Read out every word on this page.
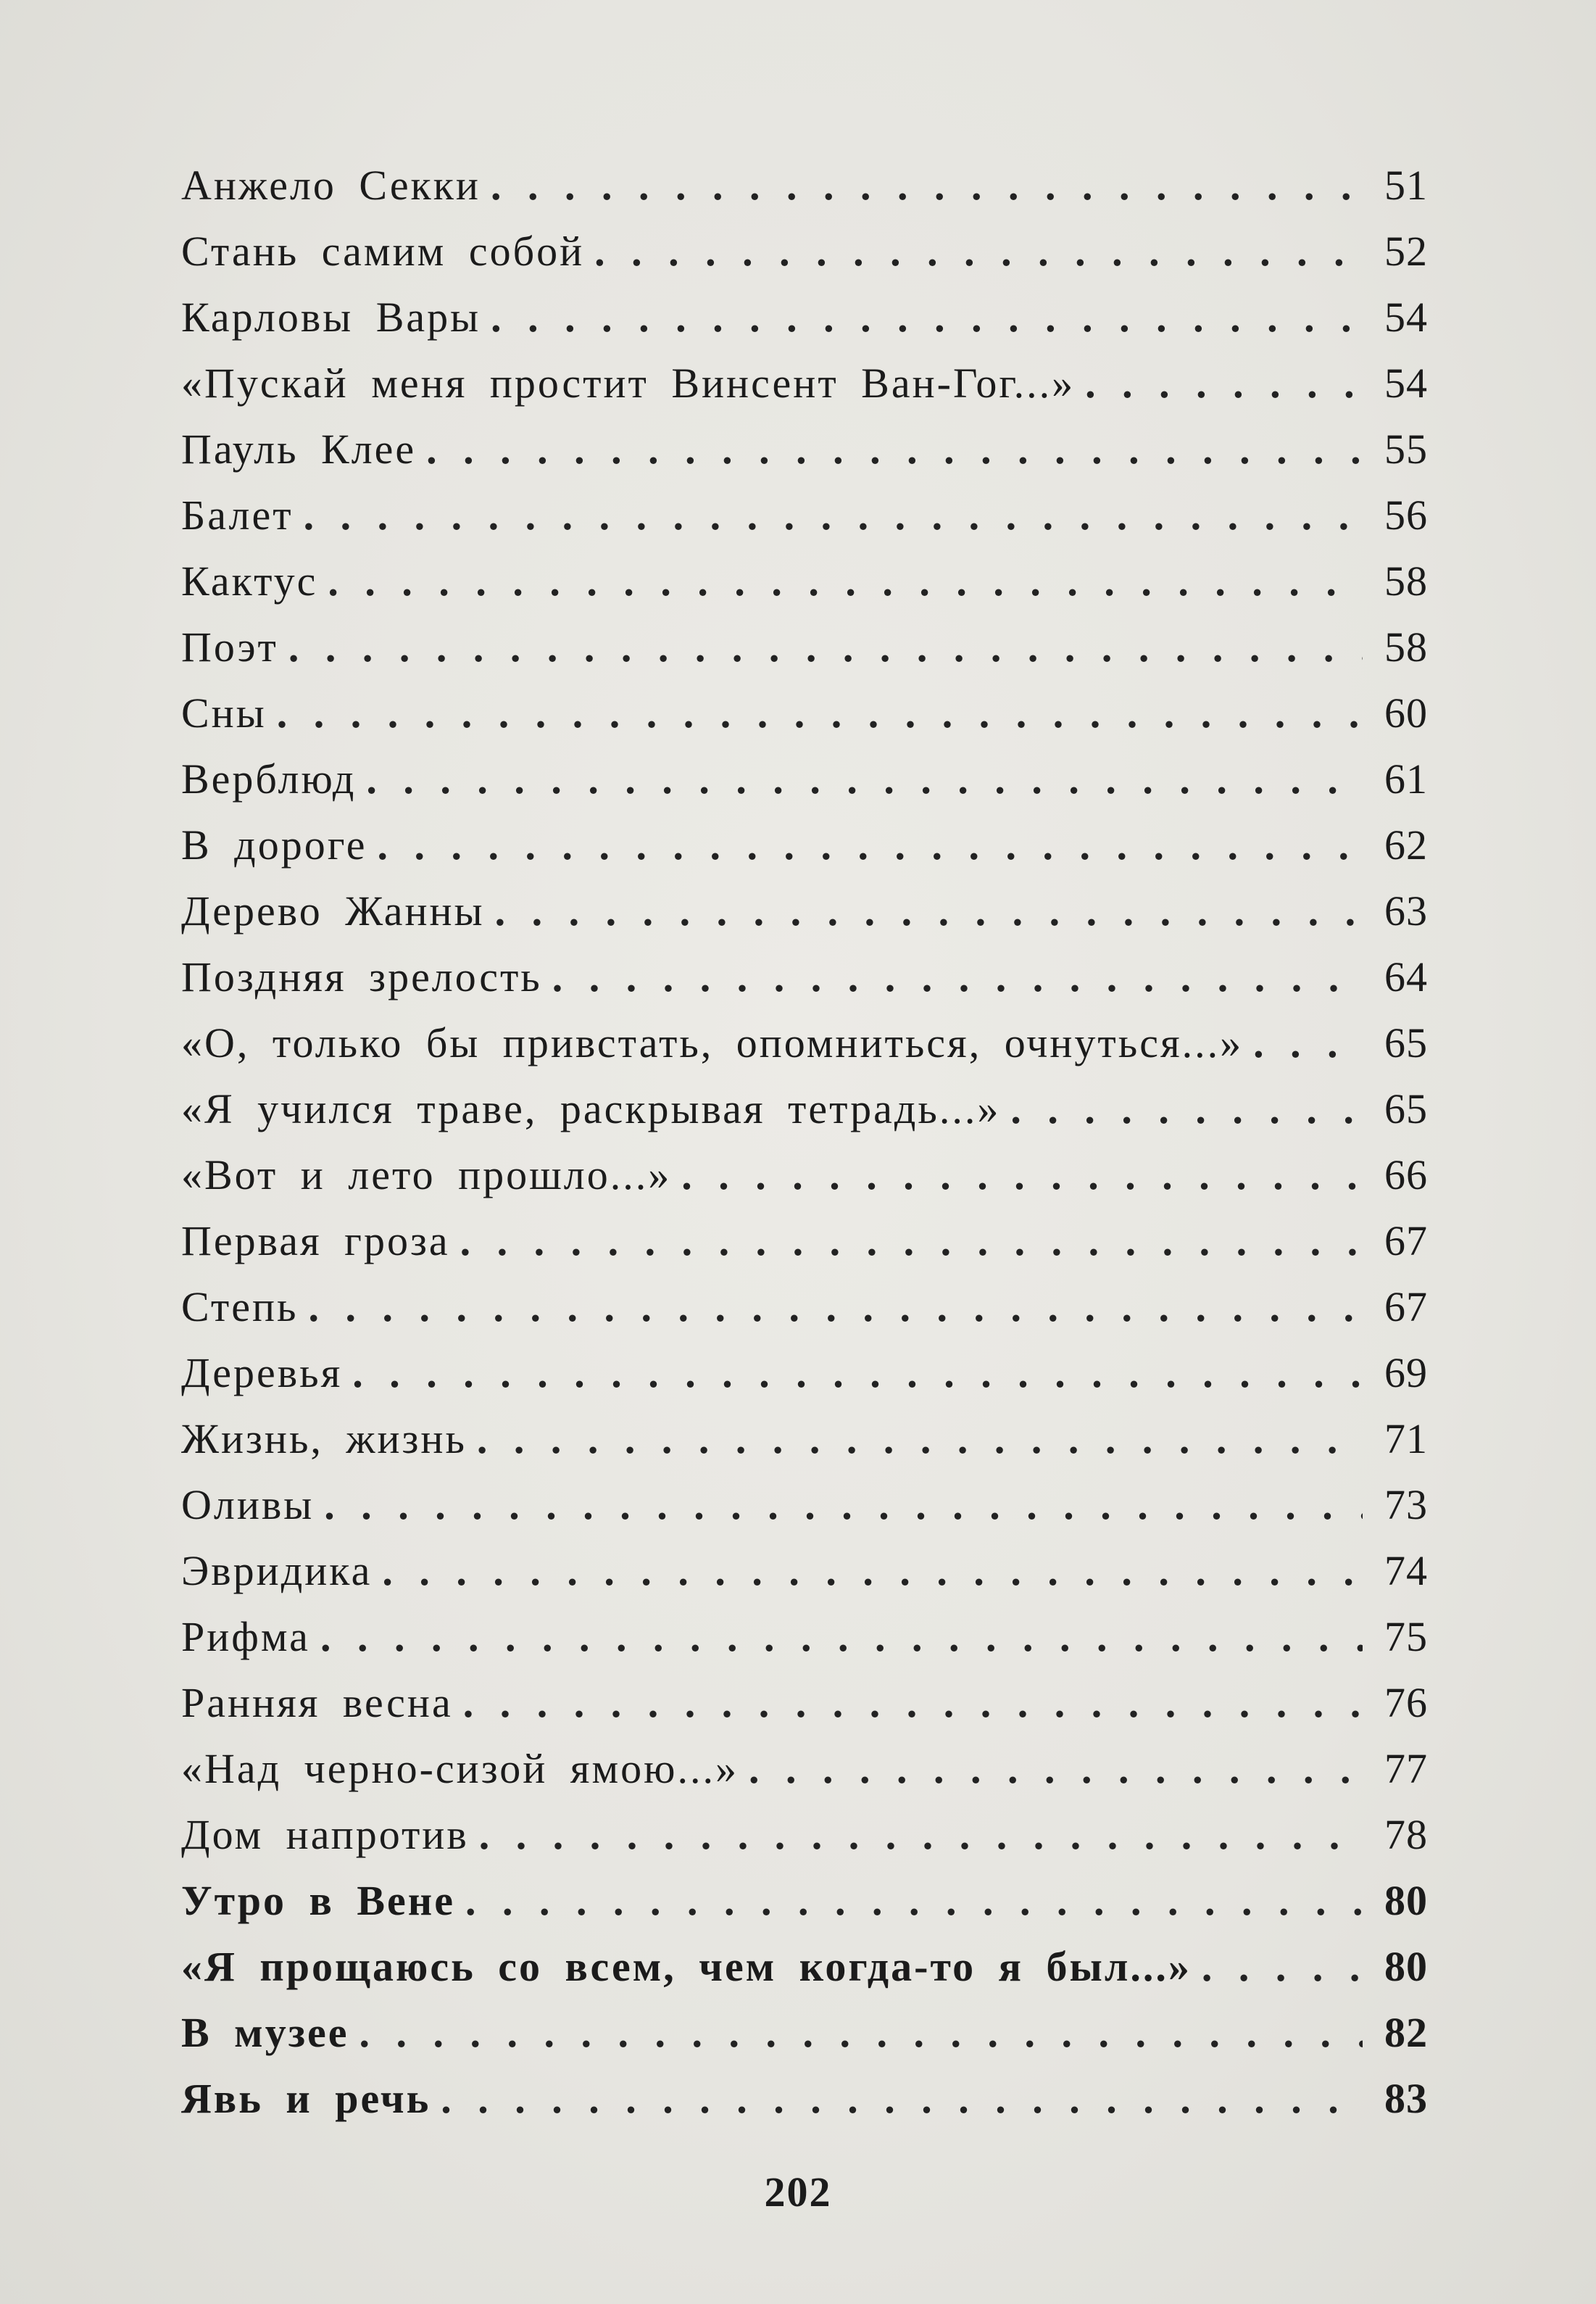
Анжело Секки . . .	51
Стань самим собой . . .	52
Карловы Вары . . .	54
«Пускай меня простит Винсент Ван-Гог...» . . .	54
Пауль Клее . . .	55
Балет . . .	56
Кактус . . .	58
Поэт . . .	58
Сны . . .	60
Верблюд . . .	61
В дороге . . .	62
Дерево Жанны . . .	63
Поздняя зрелость . . .	64
«О, только бы привстать, опомниться, очнуться...» . . .	65
«Я учился траве, раскрывая тетрадь...» . . .	65
«Вот и лето прошло...» . . .	66
Первая гроза . . .	67
Степь . . .	67
Деревья . . .	69
Жизнь, жизнь . . .	71
Оливы . . .	73
Эвридика . . .	74
Рифма . . .	75
Ранняя весна . . .	76
«Над черно-сизой ямою...» . . .	77
Дом напротив . . .	78
Утро в Вене . . .	80
«Я прощаюсь со всем, чем когда-то я был...» . . .	80
В музее . . .	82
Явь и речь . . .	83
202
